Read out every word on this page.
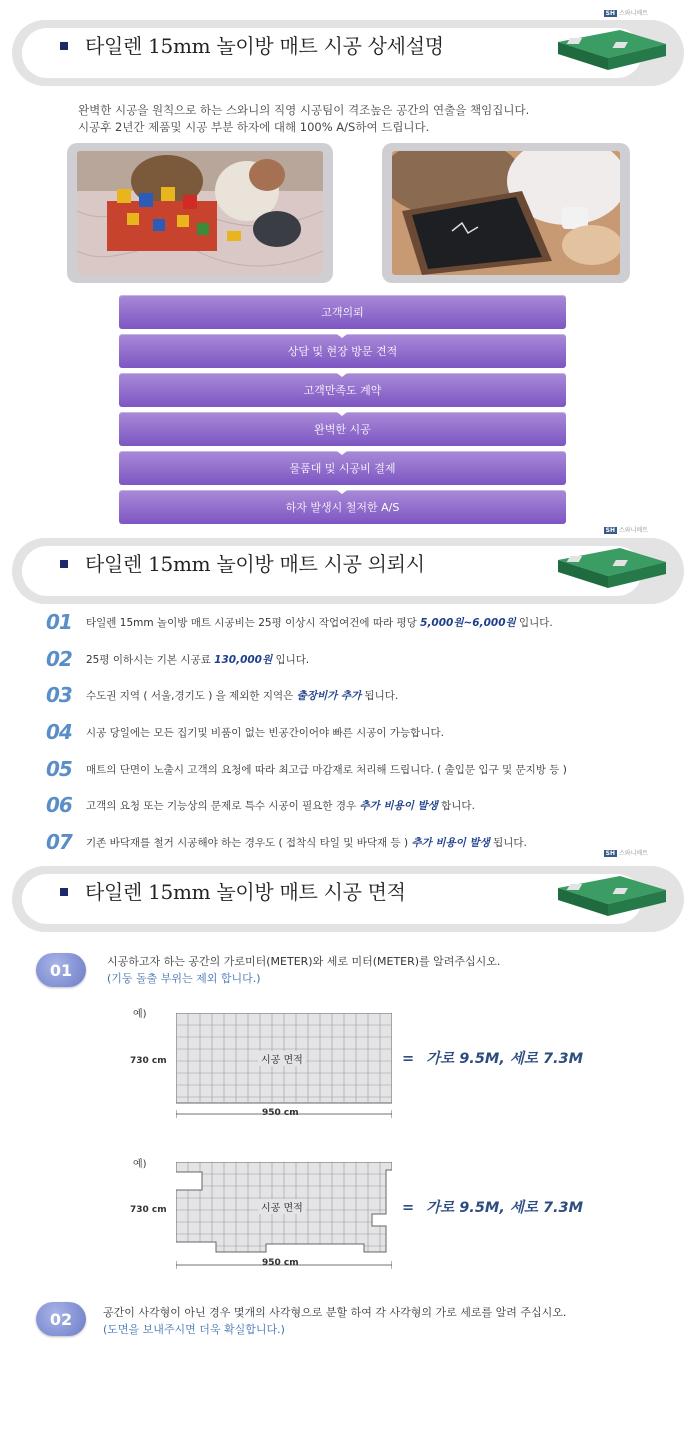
SH 스와니매트
타일렌 15mm 놀이방 매트 시공 상세설명
완벽한 시공을 원칙으로 하는 스와니의 직영 시공팀이 격조높은 공간의 연출을 책임집니다.
시공후 2년간 제품및 시공 부분 하자에 대해 100% A/S하여 드립니다.
고객의뢰
상담 및 현장 방문 견적
고객만족도 계약
완벽한 시공
물품대 및 시공비 결제
하자 발생시 철저한 A/S
SH 스와니매트
타일렌 15mm 놀이방 매트 시공 의뢰시
01	타일렌 15mm 놀이방 매트 시공비는 25평 이상시 작업여건에 따라 평당 5,000원~6,000원 입니다.
02	25평 이하시는 기본 시공료 130,000원 입니다.
03	수도권 지역 ( 서울,경기도 ) 을 제외한 지역은 출장비가 추가 됩니다.
04	시공 당일에는 모든 집기및 비품이 없는 빈공간이어야 빠른 시공이 가능합니다.
05	매트의 단면이 노출시 고객의 요청에 따라 최고급 마감재로 처리해 드립니다. ( 출입문 입구 및 문지방 등 )
06	고객의 요청 또는 기능상의 문제로 특수 시공이 필요한 경우 추가 비용이 발생 합니다.
07	기존 바닥재를 철거 시공해야 하는 경우도 ( 접착식 타일 및 바닥재 등 ) 추가 비용이 발생 됩니다.
SH 스와니매트
타일렌 15mm 놀이방 매트 시공 면적
01	시공하고자 하는 공간의 가로미터(METER)와 세로 미터(METER)를 알려주십시오.
(기둥 돌출 부위는 제외 합니다.)
예)
730 cm	시공 면적
950 cm
= 가로 9.5M, 세로 7.3M
예)
730 cm	시공 면적
950 cm
= 가로 9.5M, 세로 7.3M
02	공간이 사각형이 아닌 경우 몇개의 사각형으로 분할 하여 각 사각형의 가로 세로를 알려 주십시오.
(도면을 보내주시면 더욱 확실합니다.)
